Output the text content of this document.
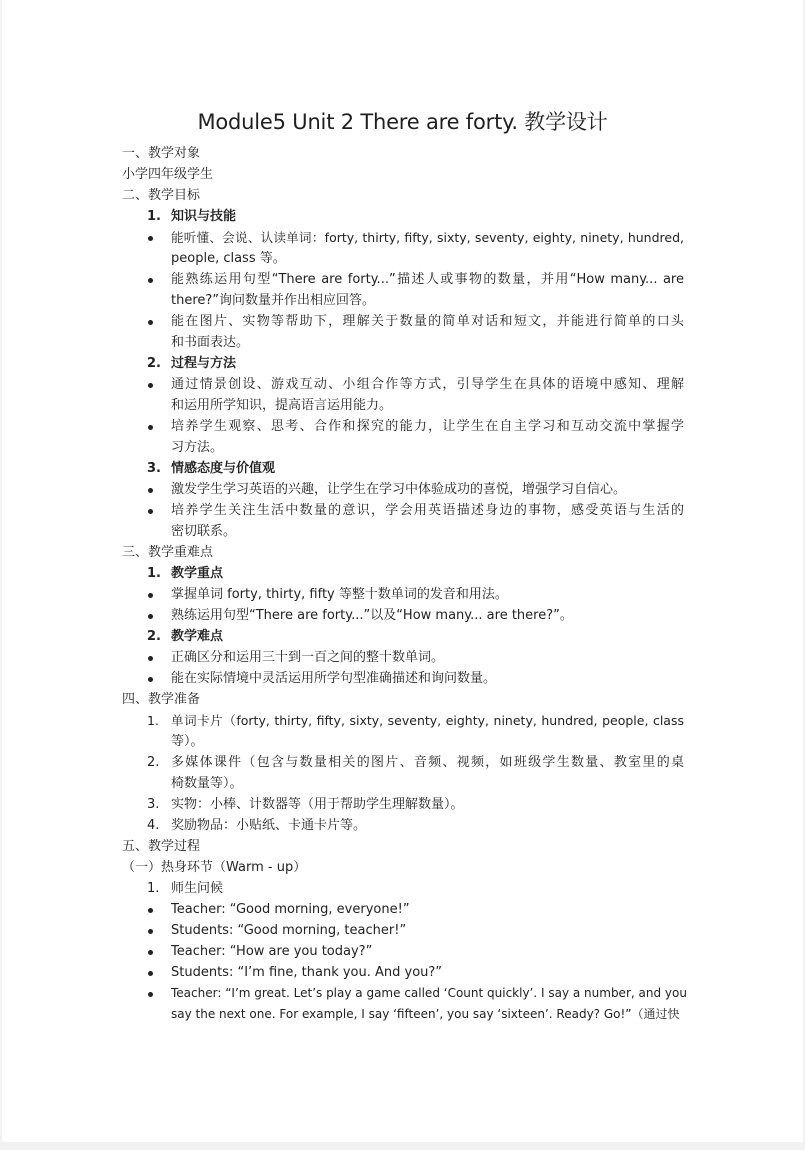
Module5 Unit 2 There are forty. 教学设计
一、教学对象
小学四年级学生
二、教学目标
1. 知识与技能
能听懂、会说、认读单词：forty, thirty, fifty, sixty, seventy, eighty, ninety, hundred,
people, class 等。
能熟练运用句型“There are forty...”描述人或事物的数量，并用“How many... are
there?”询问数量并作出相应回答。
能在图片、实物等帮助下，理解关于数量的简单对话和短文，并能进行简单的口头
和书面表达。
2. 过程与方法
通过情景创设、游戏互动、小组合作等方式，引导学生在具体的语境中感知、理解
和运用所学知识，提高语言运用能力。
培养学生观察、思考、合作和探究的能力，让学生在自主学习和互动交流中掌握学
习方法。
3. 情感态度与价值观
激发学生学习英语的兴趣，让学生在学习中体验成功的喜悦，增强学习自信心。
培养学生关注生活中数量的意识，学会用英语描述身边的事物，感受英语与生活的
密切联系。
三、教学重难点
1. 教学重点
掌握单词 forty, thirty, fifty 等整十数单词的发音和用法。
熟练运用句型“There are forty...”以及“How many... are there?”。
2. 教学难点
正确区分和运用三十到一百之间的整十数单词。
能在实际情境中灵活运用所学句型准确描述和询问数量。
四、教学准备
1. 单词卡片（forty, thirty, fifty, sixty, seventy, eighty, ninety, hundred, people, class
等）。
2. 多媒体课件（包含与数量相关的图片、音频、视频，如班级学生数量、教室里的桌
椅数量等）。
3. 实物：小棒、计数器等（用于帮助学生理解数量）。
4. 奖励物品：小贴纸、卡通卡片等。
五、教学过程
（一）热身环节（Warm - up）
1. 师生问候
Teacher: “Good morning, everyone!”
Students: “Good morning, teacher!”
Teacher: “How are you today?”
Students: “I’m fine, thank you. And you?”
Teacher: “I’m great. Let’s play a game called ‘Count quickly’. I say a number, and you
say the next one. For example, I say ‘fifteen’, you say ‘sixteen’. Ready? Go!”（通过快
